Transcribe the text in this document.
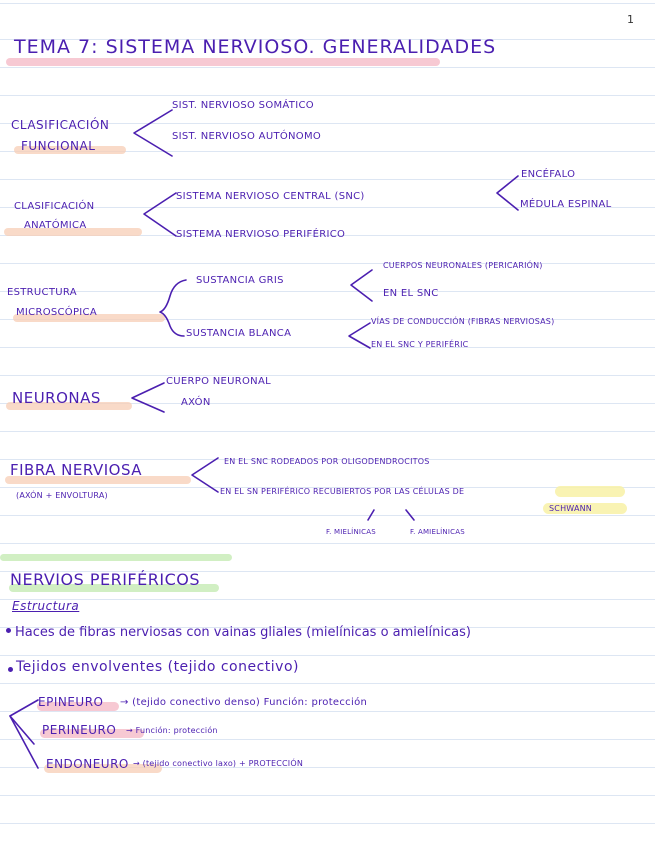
1
TEMA 7: SISTEMA NERVIOSO. GENERALIDADES
CLASIFICACIÓN
FUNCIONAL
SIST. NERVIOSO SOMÁTICO
SIST. NERVIOSO AUTÓNOMO
CLASIFICACIÓN
ANATÓMICA
SISTEMA NERVIOSO CENTRAL (SNC)
SISTEMA NERVIOSO PERIFÉRICO
ENCÉFALO
MÉDULA ESPINAL
ESTRUCTURA
MICROSCÓPICA
SUSTANCIA GRIS
CUERPOS NEURONALES (PERICARIÓN)
EN EL SNC
SUSTANCIA BLANCA
VÍAS DE CONDUCCIÓN (FIBRAS NERVIOSAS)
EN EL SNC Y PERIFÉRIC
NEURONAS
CUERPO NEURONAL
AXÓN
FIBRA NERVIOSA
(AXÓN + ENVOLTURA)
EN EL SNC RODEADOS POR OLIGODENDROCITOS
EN EL SN PERIFÉRICO RECUBIERTOS POR LAS CÉLULAS DE
SCHWANN
F. MIELÍNICAS	F. AMIELÍNICAS
NERVIOS PERIFÉRICOS
Estructura
Haces de fibras nerviosas con vainas gliales (mielínicas o amielínicas)
Tejidos envolventes (tejido conectivo)
EPINEURO → (tejido conectivo denso) Función: protección
PERINEURO → Función: protección
ENDONEURO → (tejido conectivo laxo) + PROTECCIÓN
